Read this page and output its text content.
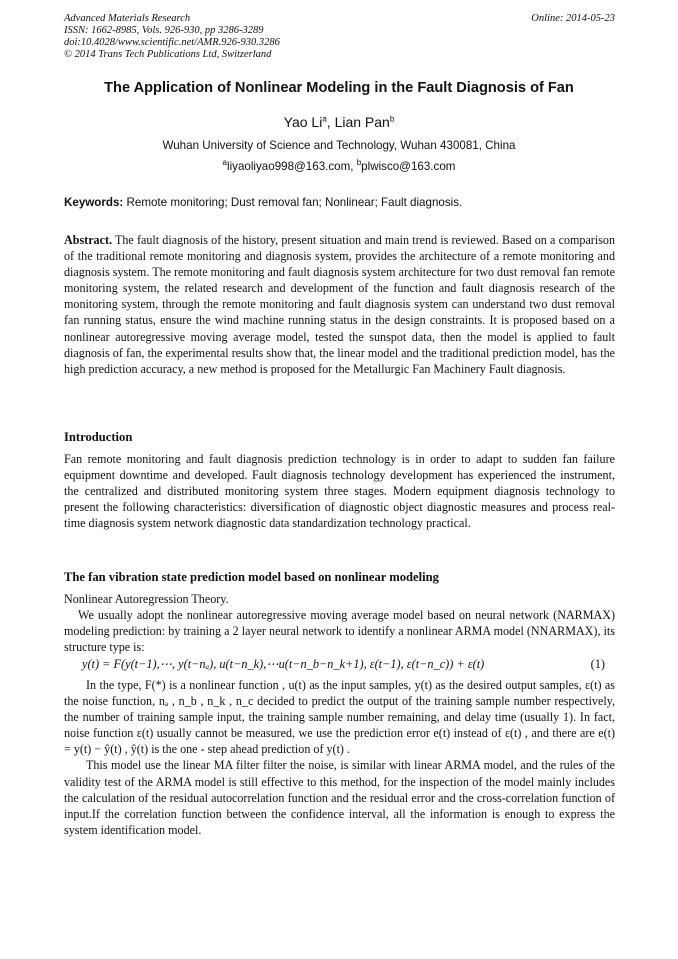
Advanced Materials Research
ISSN: 1662-8985, Vols. 926-930, pp 3286-3289
doi:10.4028/www.scientific.net/AMR.926-930.3286
© 2014 Trans Tech Publications Ltd, Switzerland
Online: 2014-05-23
The Application of Nonlinear Modeling in the Fault Diagnosis of Fan
Yao Li$^a$, Lian Pan$^b$
Wuhan University of Science and Technology, Wuhan 430081, China
$^a$liyaoliyao998@163.com, $^b$plwisco@163.com
Keywords: Remote monitoring; Dust removal fan; Nonlinear; Fault diagnosis.
Abstract. The fault diagnosis of the history, present situation and main trend is reviewed. Based on a comparison of the traditional remote monitoring and diagnosis system, provides the architecture of a remote monitoring and diagnosis system. The remote monitoring and fault diagnosis system architecture for two dust removal fan remote monitoring system, the related research and development of the function and fault diagnosis research of the monitoring system, through the remote monitoring and fault diagnosis system can understand two dust removal fan running status, ensure the wind machine running status in the design constraints. It is proposed based on a nonlinear autoregressive moving average model, tested the sunspot data, then the model is applied to fault diagnosis of fan, the experimental results show that, the linear model and the traditional prediction model, has the high prediction accuracy, a new method is proposed for the Metallurgic Fan Machinery Fault diagnosis.
Introduction
Fan remote monitoring and fault diagnosis prediction technology is in order to adapt to sudden fan failure equipment downtime and developed. Fault diagnosis technology development has experienced the instrument, the centralized and distributed monitoring system three stages. Modern equipment diagnosis technology to present the following characteristics: diversification of diagnostic object diagnostic measures and process real-time diagnosis system network diagnostic data standardization technology practical.
The fan vibration state prediction model based on nonlinear modeling

Nonlinear Autoregression Theory.

We usually adopt the nonlinear autoregressive moving average model based on neural network (NARMAX) modeling prediction: by training a 2 layer neural network to identify a nonlinear ARMA model (NNARMAX), its structure type is:

y(t) = F(y(t−1),⋯, y(t−nₐ), u(t−n_k),⋯u(t−n_b−n_k+1), ε(t−1), ε(t−n_c)) + ε(t)	(1)

In the type, F(*) is a nonlinear function , u(t) as the input samples, y(t) as the desired output samples, ε(t) as the noise function, nₐ , n_b , n_k , n_c decided to predict the output of the training sample number respectively, the number of training sample input, the training sample number remaining, and delay time (usually 1). In fact, noise function ε(t) usually cannot be measured, we use the prediction error e(t) instead of ε(t) , and there are e(t) = y(t) − ŷ(t) , ŷ(t) is the one - step ahead prediction of y(t) .

This model use the linear MA filter filter the noise, is similar with linear ARMA model, and the rules of the validity test of the ARMA model is still effective to this method, for the inspection of the model mainly includes the calculation of the residual autocorrelation function and the residual error and the cross-correlation function of input.If the correlation function between the confidence interval, all the information is enough to express the system identification model.
